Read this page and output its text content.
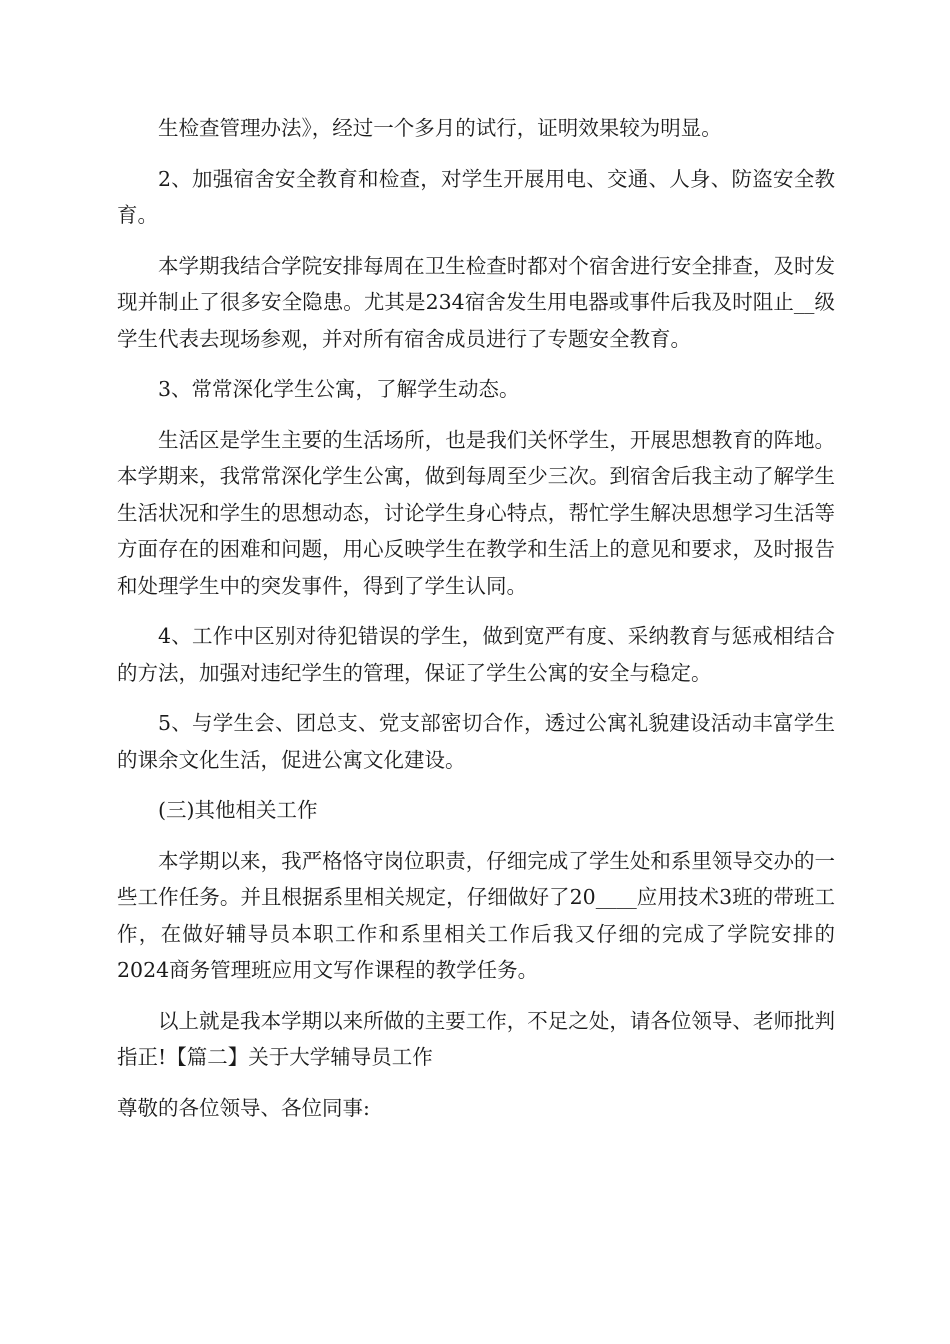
生检查管理办法》，经过一个多月的试行，证明效果较为明显。

2、加强宿舍安全教育和检查，对学生开展用电、交通、人身、防盗安全教育。

本学期我结合学院安排每周在卫生检查时都对个宿舍进行安全排查，及时发现并制止了很多安全隐患。尤其是234宿舍发生用电器或事件后我及时阻止__级学生代表去现场参观，并对所有宿舍成员进行了专题安全教育。

3、常常深化学生公寓，了解学生动态。

生活区是学生主要的生活场所，也是我们关怀学生，开展思想教育的阵地。本学期来，我常常深化学生公寓，做到每周至少三次。到宿舍后我主动了解学生生活状况和学生的思想动态，讨论学生身心特点，帮忙学生解决思想学习生活等方面存在的困难和问题，用心反映学生在教学和生活上的意见和要求，及时报告和处理学生中的突发事件，得到了学生认同。

4、工作中区别对待犯错误的学生，做到宽严有度、采纳教育与惩戒相结合的方法，加强对违纪学生的管理，保证了学生公寓的安全与稳定。

5、与学生会、团总支、党支部密切合作，透过公寓礼貌建设活动丰富学生的课余文化生活，促进公寓文化建设。

(三)其他相关工作

本学期以来，我严格恪守岗位职责，仔细完成了学生处和系里领导交办的一些工作任务。并且根据系里相关规定，仔细做好了20____应用技术3班的带班工作，在做好辅导员本职工作和系里相关工作后我又仔细的完成了学院安排的2024商务管理班应用文写作课程的教学任务。

以上就是我本学期以来所做的主要工作，不足之处，请各位领导、老师批判指正!【篇二】关于大学辅导员工作

尊敬的各位领导、各位同事:
